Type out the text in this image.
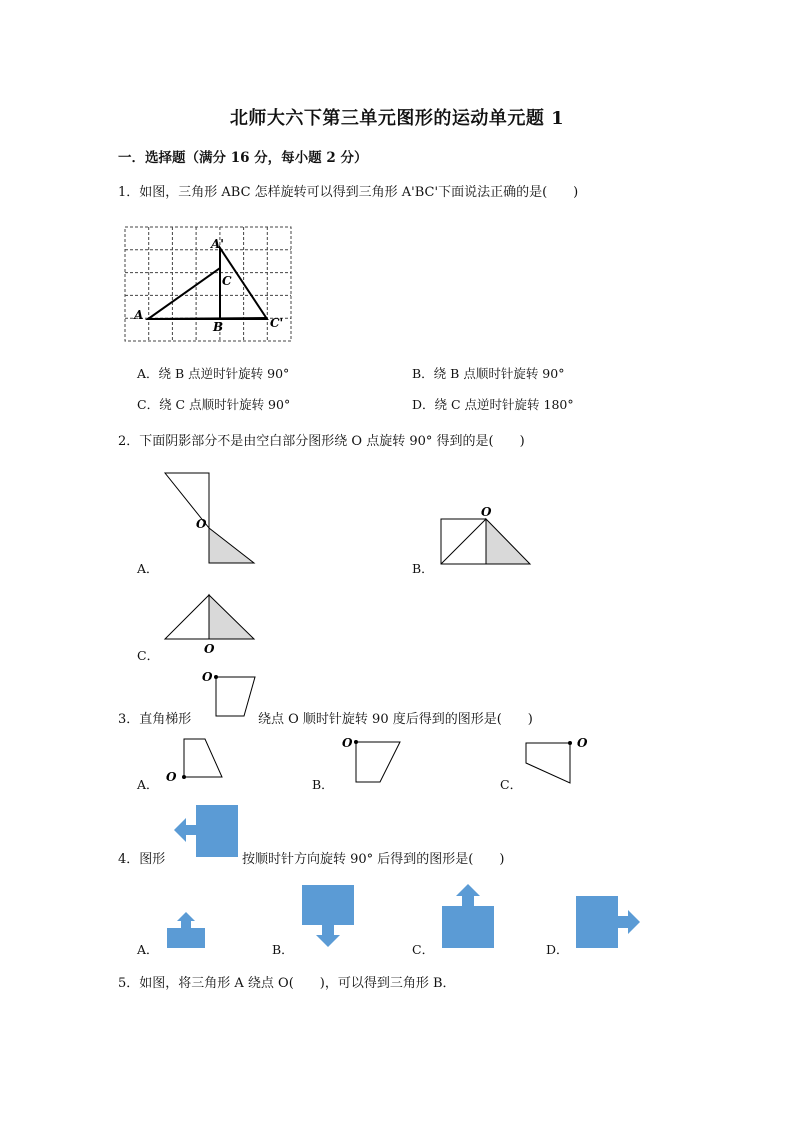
北师大六下第三单元图形的运动单元题 1
一．选择题（满分 16 分，每小题 2 分）
1．如图，三角形 ABC 怎样旋转可以得到三角形 A'BC'下面说法正确的是(　　)
A
B
C
A'
C'
A．绕 B 点逆时针旋转 90°	B．绕 B 点顺时针旋转 90°
C．绕 C 点顺时针旋转 90°	D．绕 C 点逆时针旋转 180°
2．下面阴影部分不是由空白部分图形绕 O 点旋转 90° 得到的是(　　)
O
A．
O
B．
O
C．
3．直角梯形
O
绕点 O 顺时针旋转 90 度后得到的图形是(　　)
O
A．
O
B．
O
C．
4．图形	按顺时针方向旋转 90° 后得到的图形是(　　)
A．	B．	C．	D．
5．如图，将三角形 A 绕点 O(　　)，可以得到三角形 B．
